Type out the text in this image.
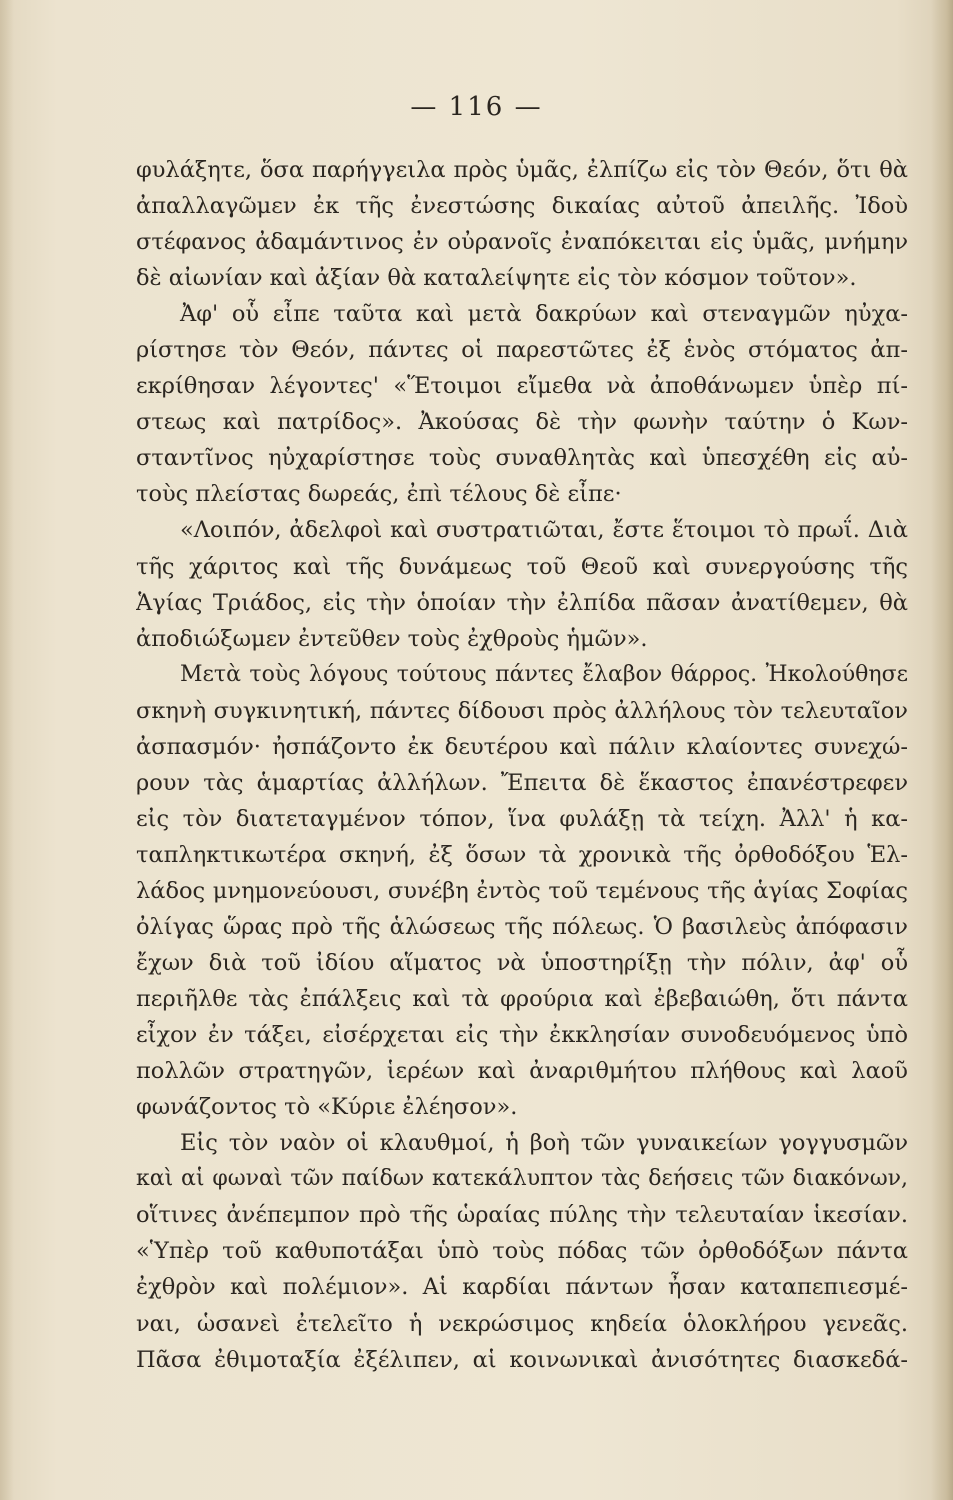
— 116 —
φυλάξητε, ὅσα παρήγγειλα πρὸς ὑμᾶς, ἐλπίζω εἰς τὸν Θεόν, ὅτι θὰ
ἀπαλλαγῶμεν ἐκ τῆς ἐνεστώσης δικαίας αὐτοῦ ἀπειλῆς. Ἰδοὺ
στέφανος ἀδαμάντινος ἐν οὐρανοῖς ἐναπόκειται εἰς ὑμᾶς, μνήμην
δὲ αἰωνίαν καὶ ἀξίαν θὰ καταλείψητε εἰς τὸν κόσμον τοῦτον».
Ἀφ' οὗ εἶπε ταῦτα καὶ μετὰ δακρύων καὶ στεναγμῶν ηὐχα-
ρίστησε τὸν Θεόν, πάντες οἱ παρεστῶτες ἐξ ἑνὸς στόματος ἀπ-
εκρίθησαν λέγοντες' «Ἕτοιμοι εἴμεθα νὰ ἀποθάνωμεν ὑπὲρ πί-
στεως καὶ πατρίδος». Ἀκούσας δὲ τὴν φωνὴν ταύτην ὁ Κων-
σταντῖνος ηὐχαρίστησε τοὺς συναθλητὰς καὶ ὑπεσχέθη εἰς αὐ-
τοὺς πλείστας δωρεάς, ἐπὶ τέλους δὲ εἶπε·
«Λοιπόν, ἀδελφοὶ καὶ συστρατιῶται, ἔστε ἕτοιμοι τὸ πρωΐ. Διὰ
τῆς χάριτος καὶ τῆς δυνάμεως τοῦ Θεοῦ καὶ συνεργούσης τῆς
Ἁγίας Τριάδος, εἰς τὴν ὁποίαν τὴν ἐλπίδα πᾶσαν ἀνατίθεμεν, θὰ
ἀποδιώξωμεν ἐντεῦθεν τοὺς ἐχθροὺς ἡμῶν».
Μετὰ τοὺς λόγους τούτους πάντες ἔλαβον θάρρος. Ἠκολούθησε
σκηνὴ συγκινητική, πάντες δίδουσι πρὸς ἀλλήλους τὸν τελευταῖον
ἀσπασμόν· ἠσπάζοντο ἐκ δευτέρου καὶ πάλιν κλαίοντες συνεχώ-
ρουν τὰς ἁμαρτίας ἀλλήλων. Ἔπειτα δὲ ἕκαστος ἐπανέστρεφεν
εἰς τὸν διατεταγμένον τόπον, ἵνα φυλάξῃ τὰ τείχη. Ἀλλ' ἡ κα-
ταπληκτικωτέρα σκηνή, ἐξ ὅσων τὰ χρονικὰ τῆς ὀρθοδόξου Ἑλ-
λάδος μνημονεύουσι, συνέβη ἐντὸς τοῦ τεμένους τῆς ἁγίας Σοφίας
ὀλίγας ὥρας πρὸ τῆς ἁλώσεως τῆς πόλεως. Ὁ βασιλεὺς ἀπόφασιν
ἔχων διὰ τοῦ ἰδίου αἵματος νὰ ὑποστηρίξῃ τὴν πόλιν, ἀφ' οὗ
περιῆλθε τὰς ἐπάλξεις καὶ τὰ φρούρια καὶ ἐβεβαιώθη, ὅτι πάντα
εἶχον ἐν τάξει, εἰσέρχεται εἰς τὴν ἐκκλησίαν συνοδευόμενος ὑπὸ
πολλῶν στρατηγῶν, ἱερέων καὶ ἀναριθμήτου πλήθους καὶ λαοῦ
φωνάζοντος τὸ «Κύριε ἐλέησον».
Εἰς τὸν ναὸν οἱ κλαυθμοί, ἡ βοὴ τῶν γυναικείων γογγυσμῶν
καὶ αἱ φωναὶ τῶν παίδων κατεκάλυπτον τὰς δεήσεις τῶν διακόνων,
οἵτινες ἀνέπεμπον πρὸ τῆς ὡραίας πύλης τὴν τελευταίαν ἱκεσίαν.
«Ὑπὲρ τοῦ καθυποτάξαι ὑπὸ τοὺς πόδας τῶν ὀρθοδόξων πάντα
ἐχθρὸν καὶ πολέμιον». Αἱ καρδίαι πάντων ἦσαν καταπεπιεσμέ-
ναι, ὡσανεὶ ἐτελεῖτο ἡ νεκρώσιμος κηδεία ὁλοκλήρου γενεᾶς.
Πᾶσα ἐθιμοταξία ἐξέλιπεν, αἱ κοινωνικαὶ ἀνισότητες διασκεδά-
